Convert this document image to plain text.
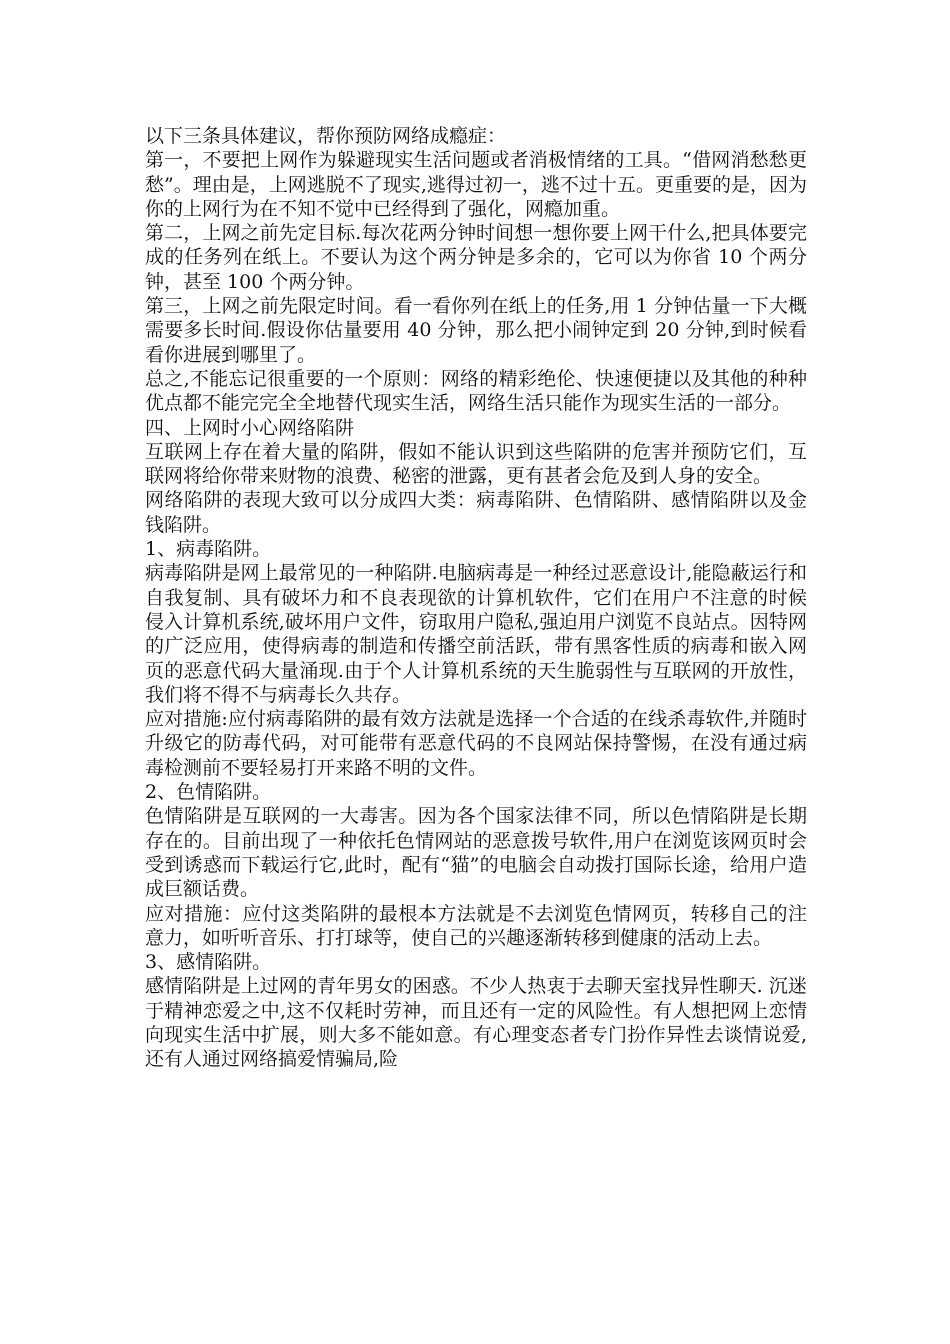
以下三条具体建议，帮你预防网络成瘾症：

第一，不要把上网作为躲避现实生活问题或者消极情绪的工具。“借网消愁愁更愁”。理由是，上网逃脱不了现实,逃得过初一，逃不过十五。更重要的是，因为你的上网行为在不知不觉中已经得到了强化，网瘾加重。

第二，上网之前先定目标.每次花两分钟时间想一想你要上网干什么,把具体要完成的任务列在纸上。不要认为这个两分钟是多余的，它可以为你省 10 个两分钟，甚至 100 个两分钟。

第三，上网之前先限定时间。看一看你列在纸上的任务,用 1 分钟估量一下大概需要多长时间.假设你估量要用 40 分钟，那么把小闹钟定到 20 分钟,到时候看看你进展到哪里了。

总之,不能忘记很重要的一个原则：网络的精彩绝伦、快速便捷以及其他的种种优点都不能完完全全地替代现实生活，网络生活只能作为现实生活的一部分。

四、上网时小心网络陷阱

互联网上存在着大量的陷阱，假如不能认识到这些陷阱的危害并预防它们，互联网将给你带来财物的浪费、秘密的泄露，更有甚者会危及到人身的安全。

网络陷阱的表现大致可以分成四大类：病毒陷阱、色情陷阱、感情陷阱以及金钱陷阱。

1、病毒陷阱。

病毒陷阱是网上最常见的一种陷阱.电脑病毒是一种经过恶意设计,能隐蔽运行和自我复制、具有破坏力和不良表现欲的计算机软件，它们在用户不注意的时候侵入计算机系统,破坏用户文件，窃取用户隐私,强迫用户浏览不良站点。因特网的广泛应用，使得病毒的制造和传播空前活跃，带有黑客性质的病毒和嵌入网页的恶意代码大量涌现.由于个人计算机系统的天生脆弱性与互联网的开放性，我们将不得不与病毒长久共存。

应对措施:应付病毒陷阱的最有效方法就是选择一个合适的在线杀毒软件,并随时升级它的防毒代码，对可能带有恶意代码的不良网站保持警惕，在没有通过病毒检测前不要轻易打开来路不明的文件。

2、色情陷阱。

色情陷阱是互联网的一大毒害。因为各个国家法律不同，所以色情陷阱是长期存在的。目前出现了一种依托色情网站的恶意拨号软件,用户在浏览该网页时会受到诱惑而下载运行它,此时，配有“猫”的电脑会自动拨打国际长途，给用户造成巨额话费。

应对措施：应付这类陷阱的最根本方法就是不去浏览色情网页，转移自己的注意力，如听听音乐、打打球等，使自己的兴趣逐渐转移到健康的活动上去。

3、感情陷阱。

感情陷阱是上过网的青年男女的困惑。不少人热衷于去聊天室找异性聊天. 沉迷于精神恋爱之中,这不仅耗时劳神，而且还有一定的风险性。有人想把网上恋情向现实生活中扩展，则大多不能如意。有心理变态者专门扮作异性去谈情说爱,还有人通过网络搞爱情骗局,险
